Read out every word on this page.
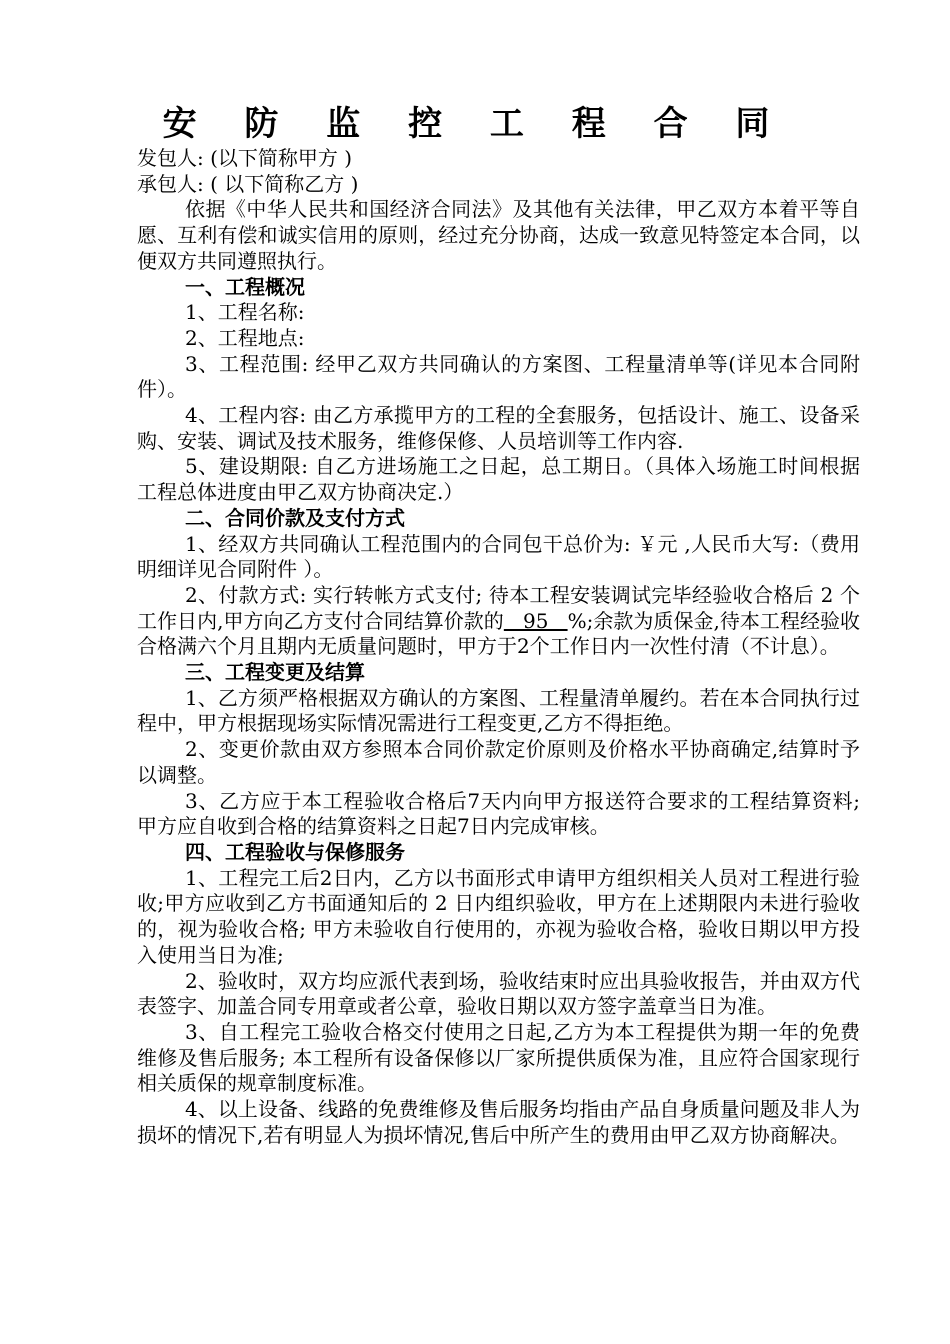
安 防 监 控 工 程 合 同

发包人: (以下简称甲方 )

承包人: ( 以下简称乙方 )

依据《中华人民共和国经济合同法》及其他有关法律，甲乙双方本着平等自愿、互利有偿和诚实信用的原则，经过充分协商，达成一致意见特签定本合同，以便双方共同遵照执行。

一、工程概况

1、工程名称:

2、工程地点:

3、工程范围: 经甲乙双方共同确认的方案图、工程量清单等(详见本合同附件）。

4、工程内容: 由乙方承揽甲方的工程的全套服务，包括设计、施工、设备采购、安装、调试及技术服务，维修保修、人员培训等工作内容.

5、建设期限: 自乙方进场施工之日起，总工期日。（具体入场施工时间根据工程总体进度由甲乙双方协商决定.）

二、合同价款及支付方式

1、经双方共同确认工程范围内的合同包干总价为: ￥元 ,人民币大写:（费用明细详见合同附件 ）。

2、付款方式: 实行转帐方式支付; 待本工程安装调试完毕经验收合格后 2 个工作日内,甲方向乙方支付合同结算价款的   95   %;余款为质保金,待本工程经验收合格满六个月且期内无质量问题时，甲方于2个工作日内一次性付清（不计息）。

三、工程变更及结算

1、乙方须严格根据双方确认的方案图、工程量清单履约。若在本合同执行过程中，甲方根据现场实际情况需进行工程变更,乙方不得拒绝。

2、变更价款由双方参照本合同价款定价原则及价格水平协商确定,结算时予以调整。

3、乙方应于本工程验收合格后7天内向甲方报送符合要求的工程结算资料; 甲方应自收到合格的结算资料之日起7日内完成审核。

四、工程验收与保修服务

1、工程完工后2日内，乙方以书面形式申请甲方组织相关人员对工程进行验收;甲方应收到乙方书面通知后的 2 日内组织验收，甲方在上述期限内未进行验收的，视为验收合格; 甲方未验收自行使用的，亦视为验收合格，验收日期以甲方投入使用当日为准;

2、验收时，双方均应派代表到场，验收结束时应出具验收报告，并由双方代表签字、加盖合同专用章或者公章，验收日期以双方签字盖章当日为准。

3、自工程完工验收合格交付使用之日起,乙方为本工程提供为期一年的免费维修及售后服务; 本工程所有设备保修以厂家所提供质保为准，且应符合国家现行相关质保的规章制度标准。

4、以上设备、线路的免费维修及售后服务均指由产品自身质量问题及非人为损坏的情况下,若有明显人为损坏情况,售后中所产生的费用由甲乙双方协商解决。
